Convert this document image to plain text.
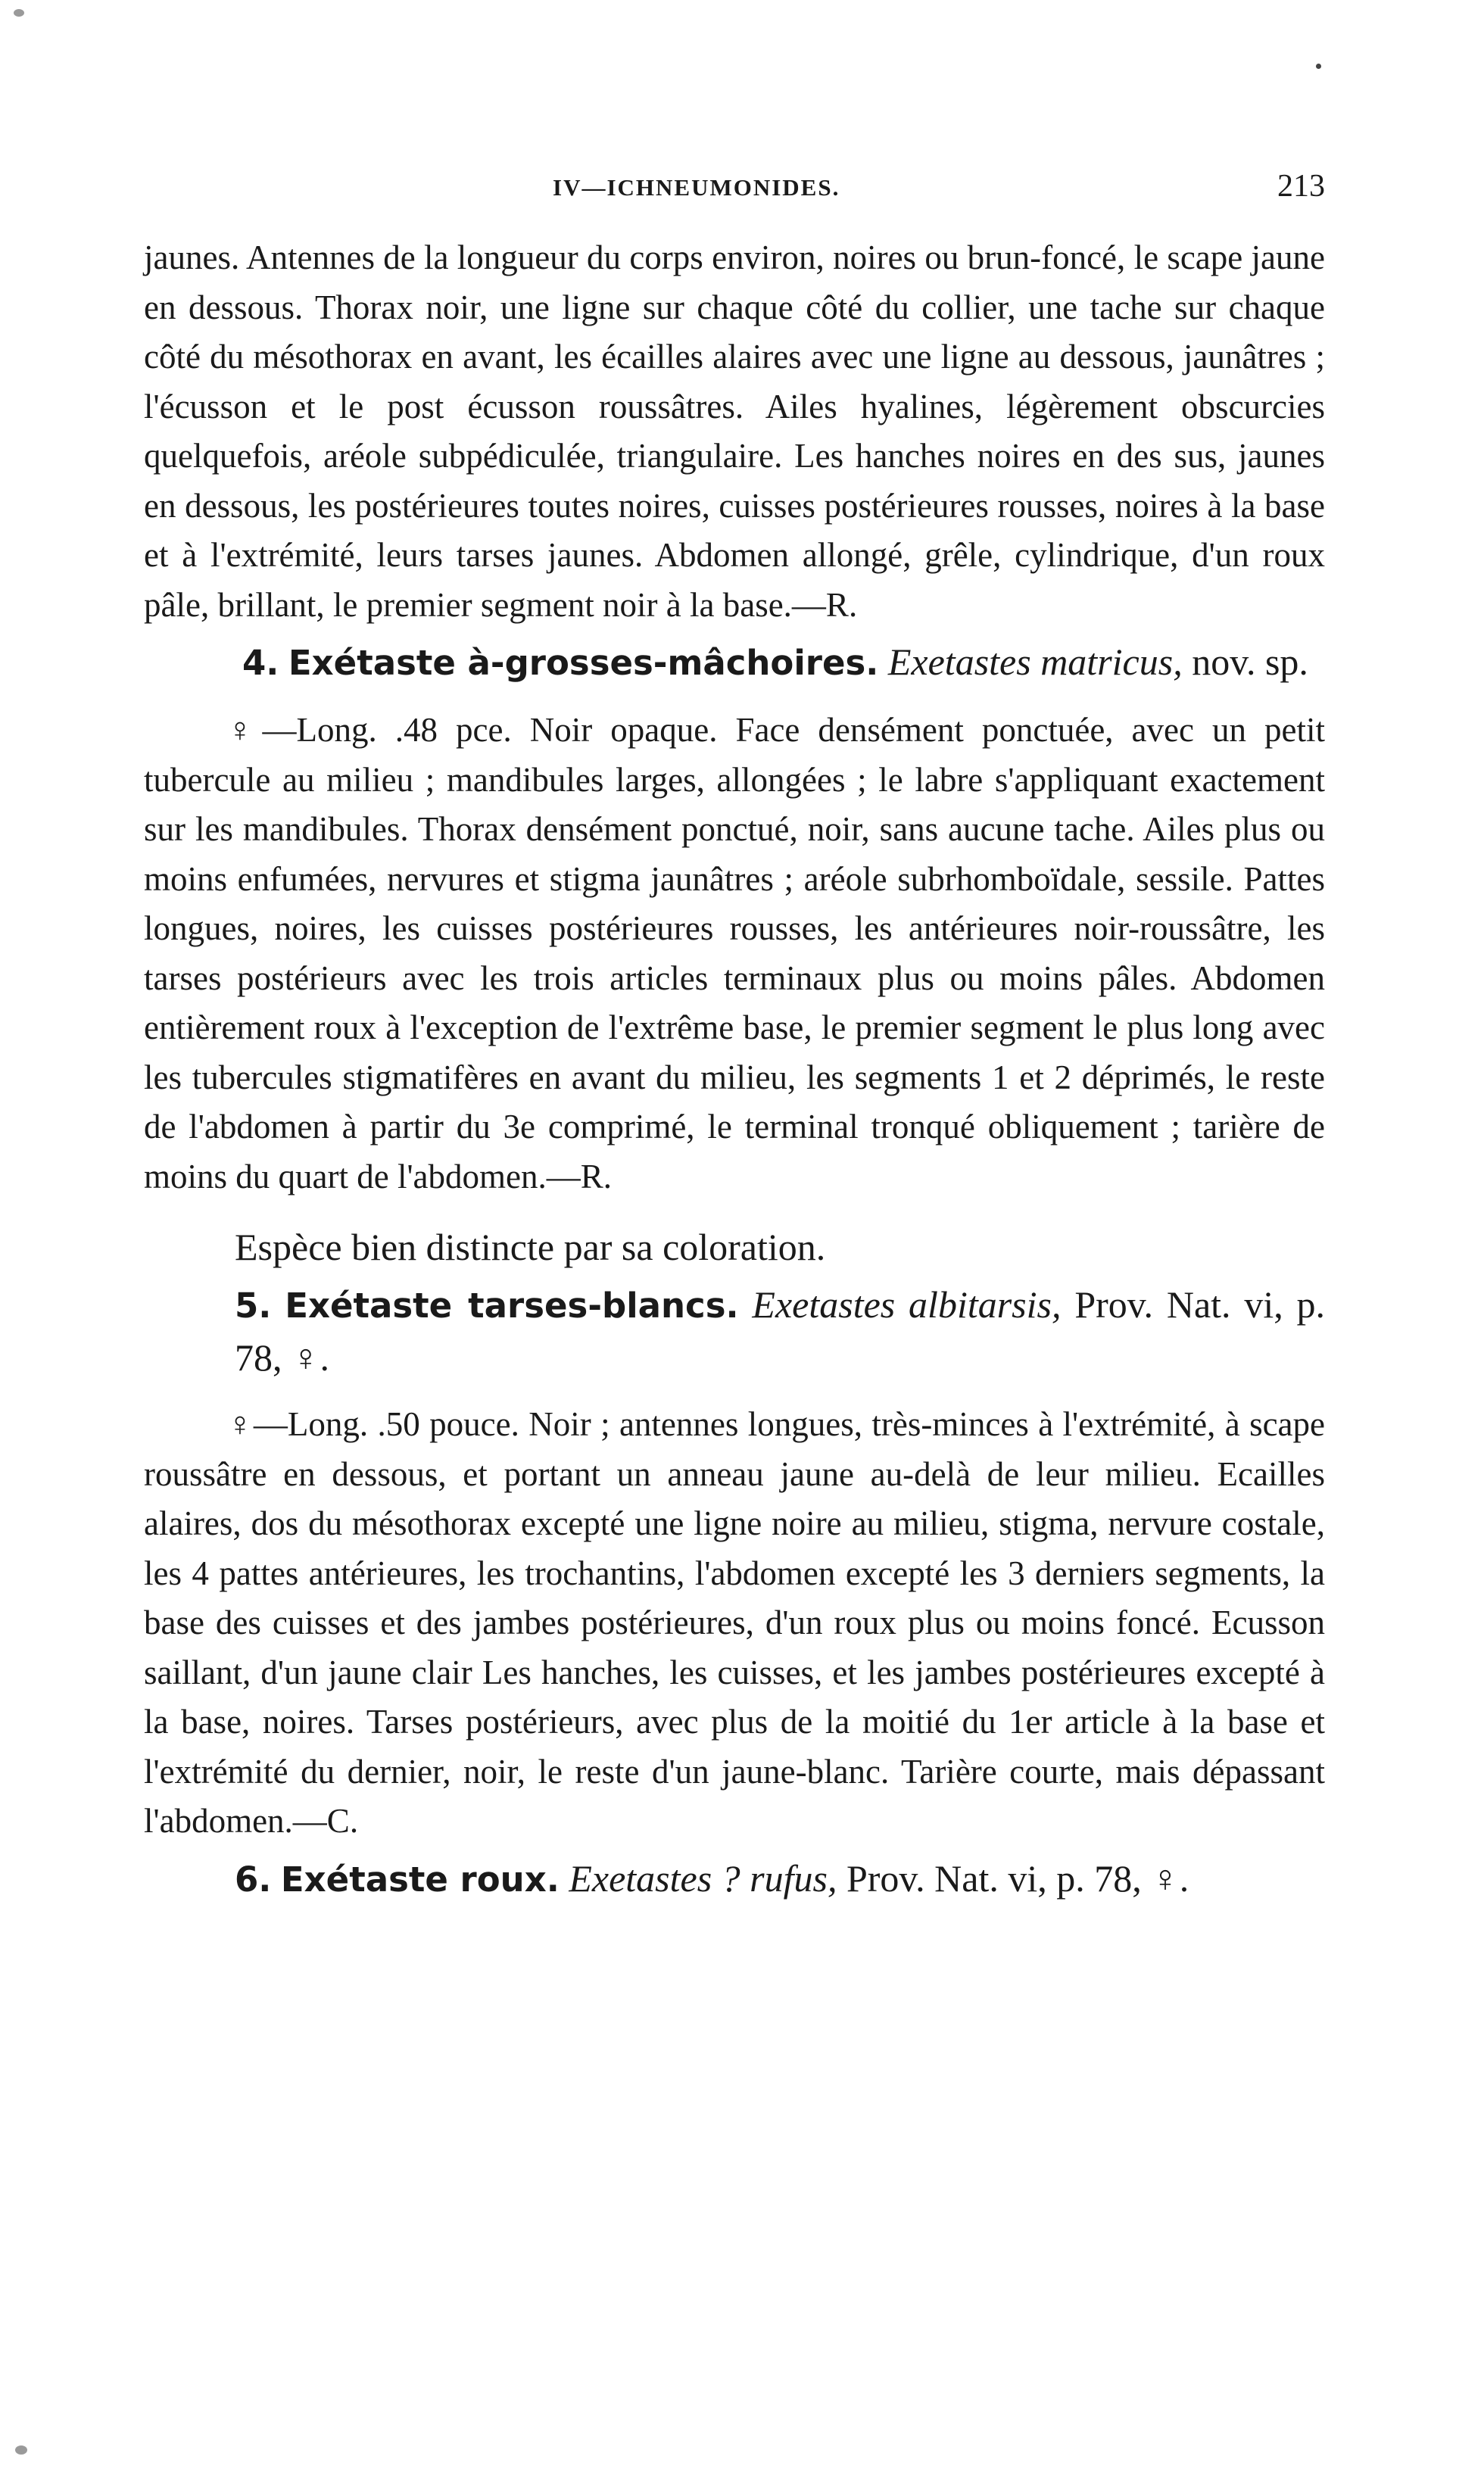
IV—ICHNEUMONIDES.	213

jaunes. Antennes de la longueur du corps environ, noires ou brun-foncé, le scape jaune en dessous. Thorax noir, une ligne sur chaque côté du collier, une tache sur chaque côté du mésothorax en avant, les écailles alaires avec une ligne au dessous, jaunâtres ; l'écusson et le post écusson roussâtres. Ailes hyalines, légèrement obscurcies quelquefois, aréole subpédiculée, triangulaire. Les hanches noires en des sus, jaunes en dessous, les postérieures toutes noires, cuisses postérieures rousses, noires à la base et à l'extrémité, leurs tarses jaunes. Abdomen allongé, grêle, cylindrique, d'un roux pâle, brillant, le premier segment noir à la base.—R.

4. Exétaste à-grosses-mâchoires. Exetastes matricus, nov. sp.

♀—Long. .48 pce. Noir opaque. Face densément ponctuée, avec un petit tubercule au milieu ; mandibules larges, allongées ; le labre s'appliquant exactement sur les mandibules. Thorax densément ponctué, noir, sans aucune tache. Ailes plus ou moins enfumées, nervures et stigma jaunâtres ; aréole subrhomboïdale, sessile. Pattes longues, noires, les cuisses postérieures rousses, les antérieures noir-roussâtre, les tarses postérieurs avec les trois articles terminaux plus ou moins pâles. Abdomen entièrement roux à l'exception de l'extrême base, le premier segment le plus long avec les tubercules stigmatifères en avant du milieu, les segments 1 et 2 déprimés, le reste de l'abdomen à partir du 3e comprimé, le terminal tronqué obliquement ; tarière de moins du quart de l'abdomen.—R.

Espèce bien distincte par sa coloration.

5. Exétaste tarses-blancs. Exetastes albitarsis, Prov. Nat. vi, p. 78, ♀.

♀—Long. .50 pouce. Noir ; antennes longues, très-minces à l'extrémité, à scape roussâtre en dessous, et portant un anneau jaune au-delà de leur milieu. Ecailles alaires, dos du mésothorax excepté une ligne noire au milieu, stigma, nervure costale, les 4 pattes antérieures, les trochantins, l'abdomen excepté les 3 derniers segments, la base des cuisses et des jambes postérieures, d'un roux plus ou moins foncé. Ecusson saillant, d'un jaune clair Les hanches, les cuisses, et les jambes postérieures excepté à la base, noires. Tarses postérieurs, avec plus de la moitié du 1er article à la base et l'extrémité du dernier, noir, le reste d'un jaune-blanc. Tarière courte, mais dépassant l'abdomen.—C.

6. Exétaste roux. Exetastes ? rufus, Prov. Nat. vi, p. 78, ♀.
